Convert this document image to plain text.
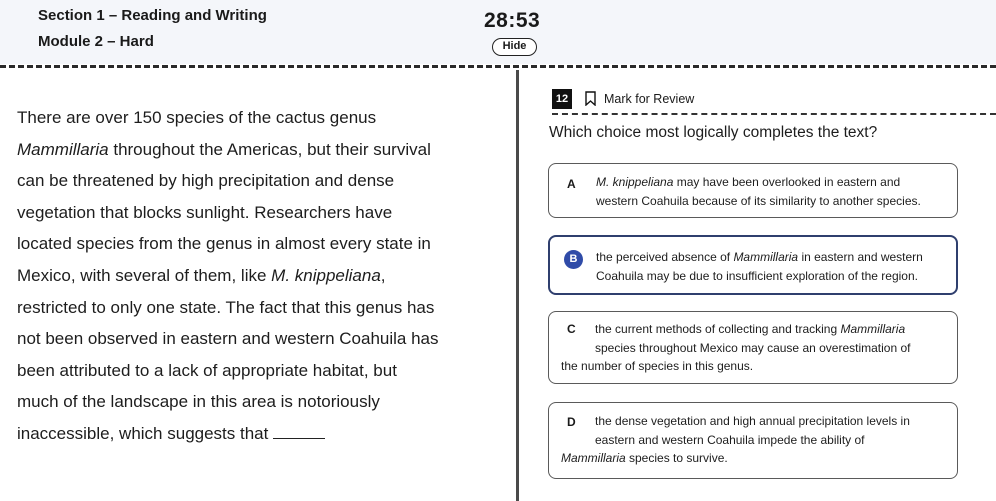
Section 1 – Reading and Writing
Module 2 – Hard
28:53
Hide
There are over 150 species of the cactus genus
Mammillaria throughout the Americas, but their survival
can be threatened by high precipitation and dense
vegetation that blocks sunlight. Researchers have
located species from the genus in almost every state in
Mexico, with several of them, like M. knippeliana,
restricted to only one state. The fact that this genus has
not been observed in eastern and western Coahuila has
been attributed to a lack of appropriate habitat, but
much of the landscape in this area is notoriously
inaccessible, which suggests that
12	Mark for Review
Which choice most logically completes the text?
A M. knippeliana may have been overlooked in eastern and
western Coahuila because of its similarity to another species.
B	the perceived absence of Mammillaria in eastern and western
Coahuila may be due to insufficient exploration of the region.
C the current methods of collecting and tracking Mammillaria
species throughout Mexico may cause an overestimation of
the number of species in this genus.
D the dense vegetation and high annual precipitation levels in
eastern and western Coahuila impede the ability of
Mammillaria species to survive.
